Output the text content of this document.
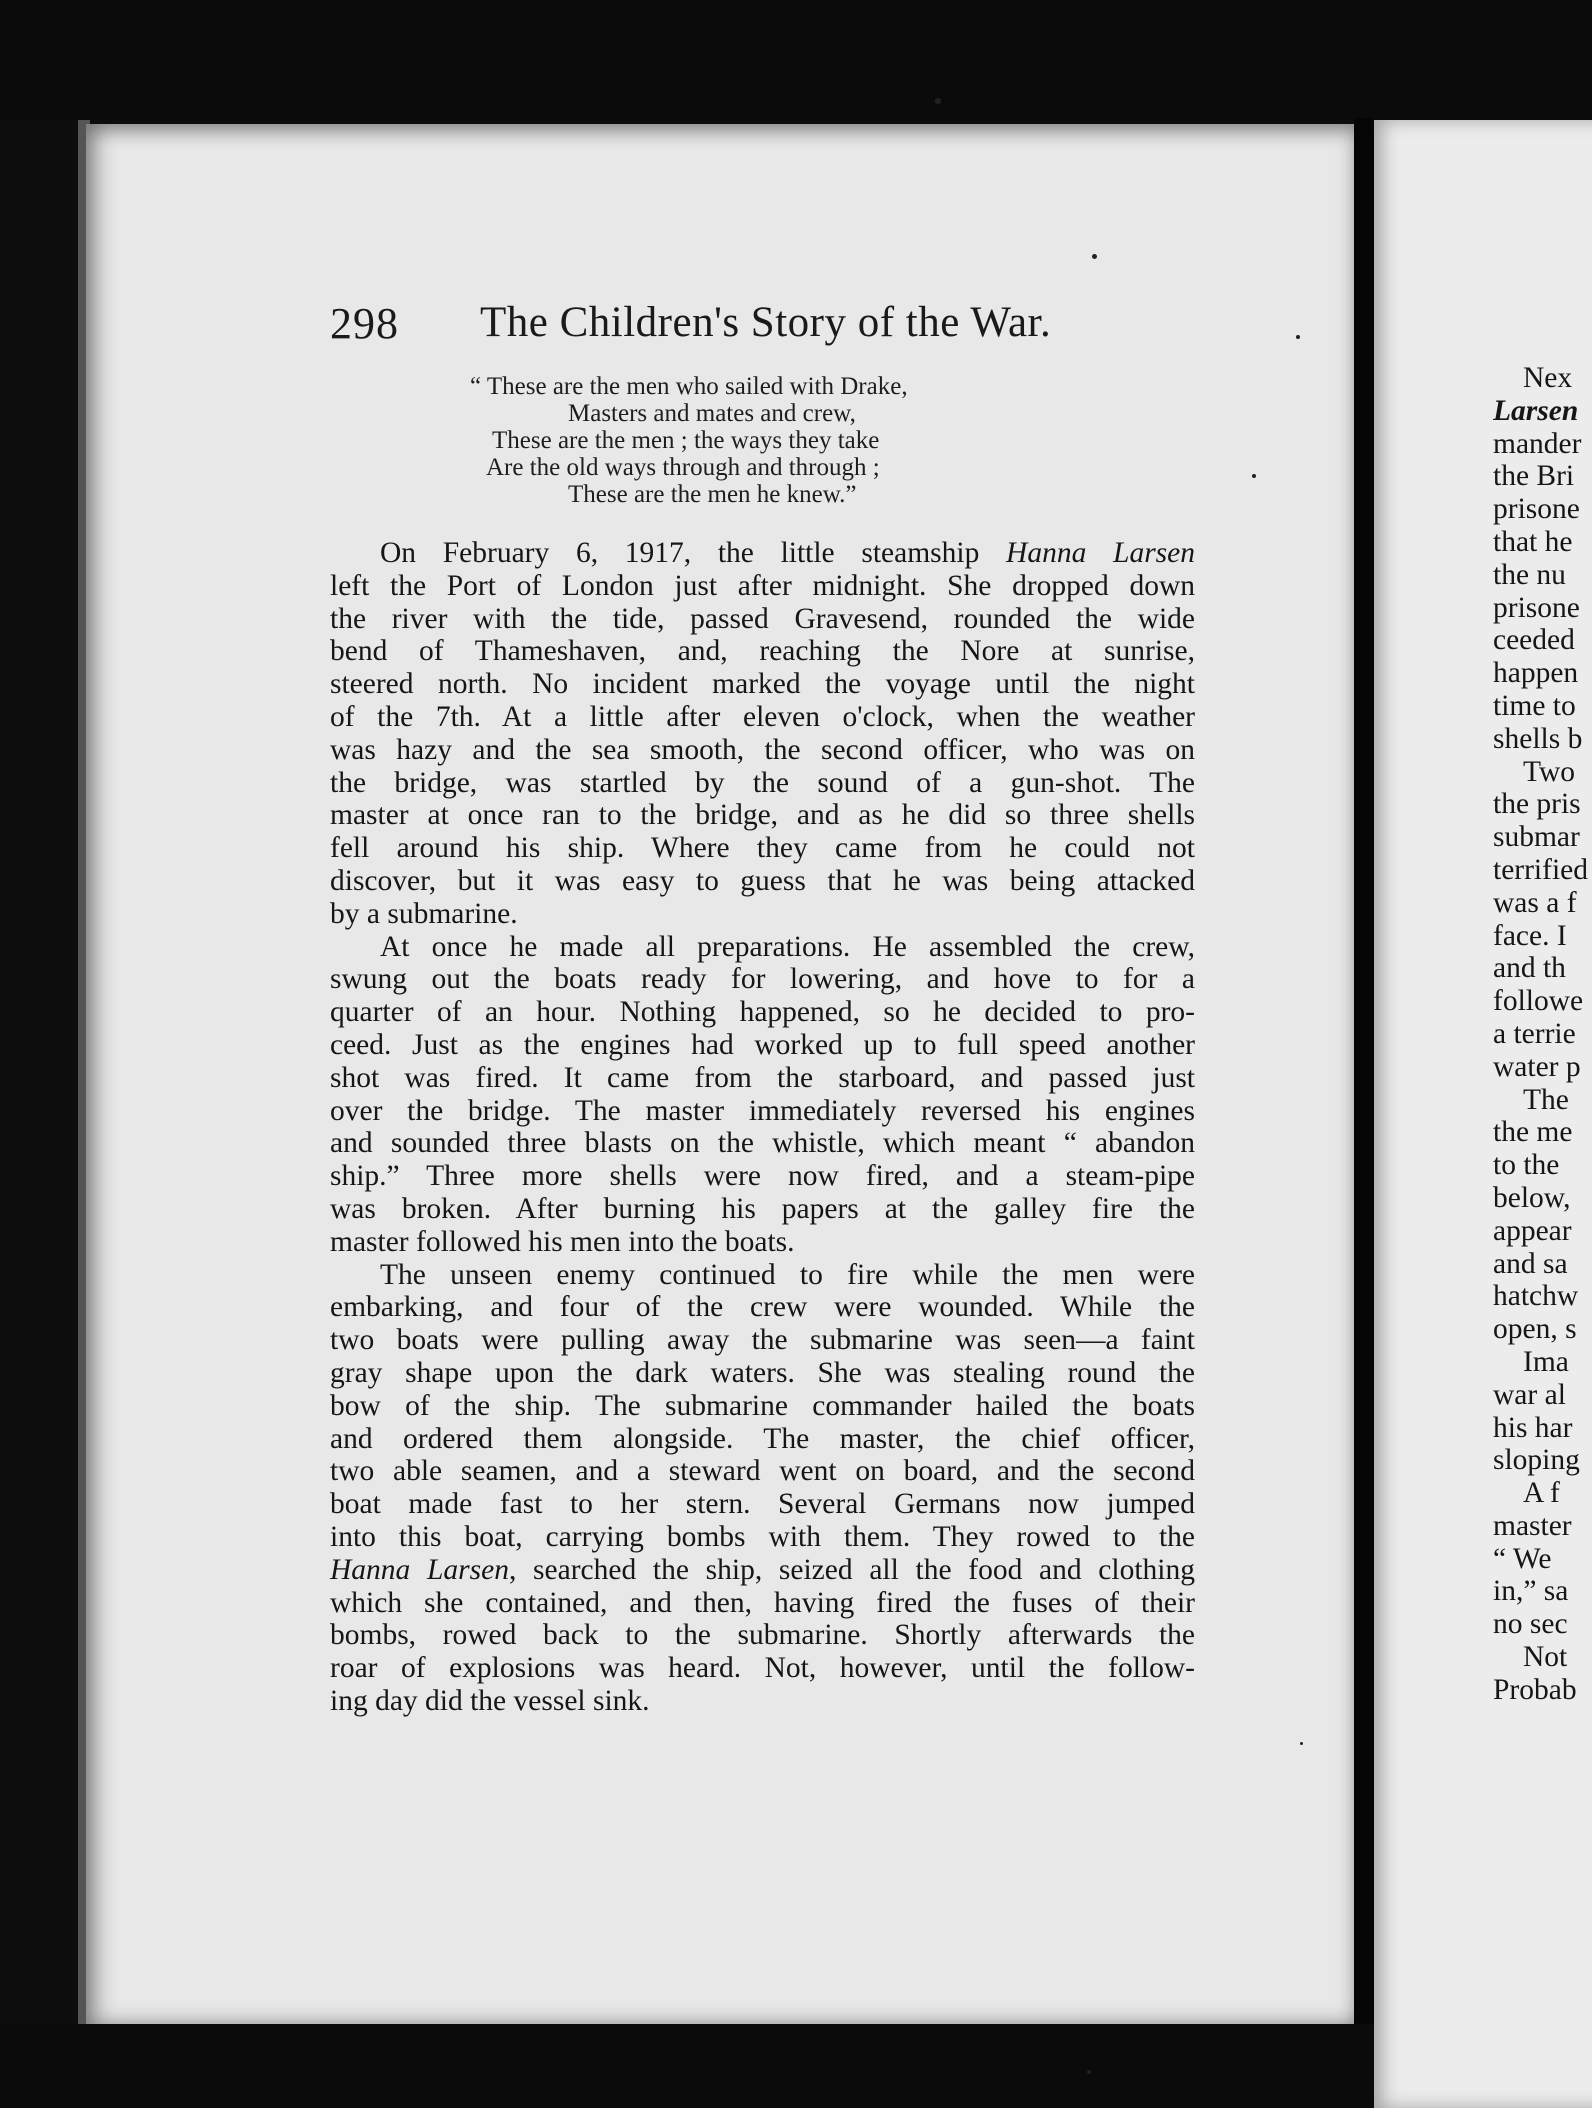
298 The Children's Story of the War.
“ These are the men who sailed with Drake,
Masters and mates and crew,
These are the men ; the ways they take
Are the old ways through and through ;
These are the men he knew.”
On February 6, 1917, the little steamship Hanna Larsen
left the Port of London just after midnight. She dropped down
the river with the tide, passed Gravesend, rounded the wide
bend of Thameshaven, and, reaching the Nore at sunrise,
steered north. No incident marked the voyage until the night
of the 7th. At a little after eleven o'clock, when the weather
was hazy and the sea smooth, the second officer, who was on
the bridge, was startled by the sound of a gun-shot. The
master at once ran to the bridge, and as he did so three shells
fell around his ship. Where they came from he could not
discover, but it was easy to guess that he was being attacked
by a submarine.
At once he made all preparations. He assembled the crew,
swung out the boats ready for lowering, and hove to for a
quarter of an hour. Nothing happened, so he decided to pro-
ceed. Just as the engines had worked up to full speed another
shot was fired. It came from the starboard, and passed just
over the bridge. The master immediately reversed his engines
and sounded three blasts on the whistle, which meant “ abandon
ship.” Three more shells were now fired, and a steam-pipe
was broken. After burning his papers at the galley fire the
master followed his men into the boats.
The unseen enemy continued to fire while the men were
embarking, and four of the crew were wounded. While the
two boats were pulling away the submarine was seen—a faint
gray shape upon the dark waters. She was stealing round the
bow of the ship. The submarine commander hailed the boats
and ordered them alongside. The master, the chief officer,
two able seamen, and a steward went on board, and the second
boat made fast to her stern. Several Germans now jumped
into this boat, carrying bombs with them. They rowed to the
Hanna Larsen, searched the ship, seized all the food and clothing
which she contained, and then, having fired the fuses of their
bombs, rowed back to the submarine. Shortly afterwards the
roar of explosions was heard. Not, however, until the follow-
ing day did the vessel sink.
Nex
Larsen
mander
the Bri
prisone
that he
the nu
prisone
ceeded
happen
time to
shells b
Two
the pris
submar
terrified
was a f
face. I
and th
followe
a terrie
water p
The
the me
to the
below,
appear
and sa
hatchw
open, s
Ima
war al
his har
sloping
A f
master
“ We
in,” sa
no sec
Not
Probab
